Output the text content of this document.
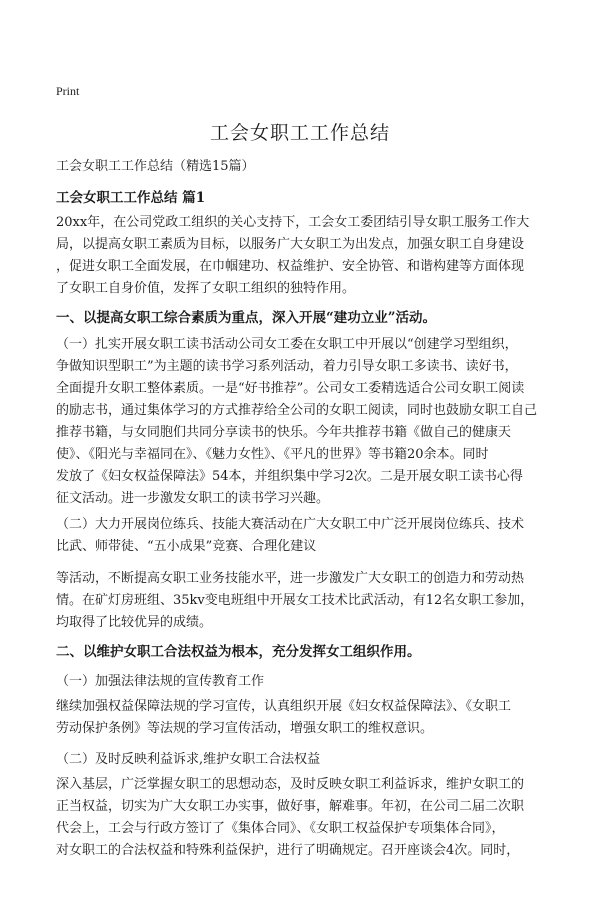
Print
工会女职工工作总结
工会女职工工作总结（精选15篇）
工会女职工工作总结 篇1
20xx年，在公司党政工组织的关心支持下，工会女工委团结引导女职工服务工作大
局，以提高女职工素质为目标，以服务广大女职工为出发点，加强女职工自身建设
，促进女职工全面发展，在巾帼建功、权益维护、安全协管、和谐构建等方面体现
了女职工自身价值，发挥了女职工组织的独特作用。
一、以提高女职工综合素质为重点，深入开展“建功立业”活动。
（一）扎实开展女职工读书活动公司女工委在女职工中开展以“创建学习型组织，
争做知识型职工”为主题的读书学习系列活动，着力引导女职工多读书、读好书，
全面提升女职工整体素质。一是“好书推荐”。公司女工委精选适合公司女职工阅读
的励志书，通过集体学习的方式推荐给全公司的女职工阅读，同时也鼓励女职工自己
推荐书籍，与女同胞们共同分享读书的快乐。今年共推荐书籍《做自己的健康天
使》、《阳光与幸福同在》、《魅力女性》、《平凡的世界》等书籍20余本。同时
发放了《妇女权益保障法》54本，并组织集中学习2次。二是开展女职工读书心得
征文活动。进一步激发女职工的读书学习兴趣。
（二）大力开展岗位练兵、技能大赛活动在广大女职工中广泛开展岗位练兵、技术
比武、师带徒、“五小成果”竞赛、合理化建议
等活动，不断提高女职工业务技能水平，进一步激发广大女职工的创造力和劳动热
情。在矿灯房班组、35kv变电班组中开展女工技术比武活动，有12名女职工参加，
均取得了比较优异的成绩。
二、以维护女职工合法权益为根本，充分发挥女工组织作用。
（一）加强法律法规的宣传教育工作
继续加强权益保障法规的学习宣传，认真组织开展《妇女权益保障法》、《女职工
劳动保护条例》等法规的学习宣传活动，增强女职工的维权意识。
（二）及时反映利益诉求,维护女职工合法权益
深入基层，广泛掌握女职工的思想动态，及时反映女职工利益诉求，维护女职工的
正当权益，切实为广大女职工办实事，做好事，解难事。年初，在公司二届二次职
代会上，工会与行政方签订了《集体合同》、《女职工权益保护专项集体合同》，
对女职工的合法权益和特殊利益保护，进行了明确规定。召开座谈会4次。同时，
